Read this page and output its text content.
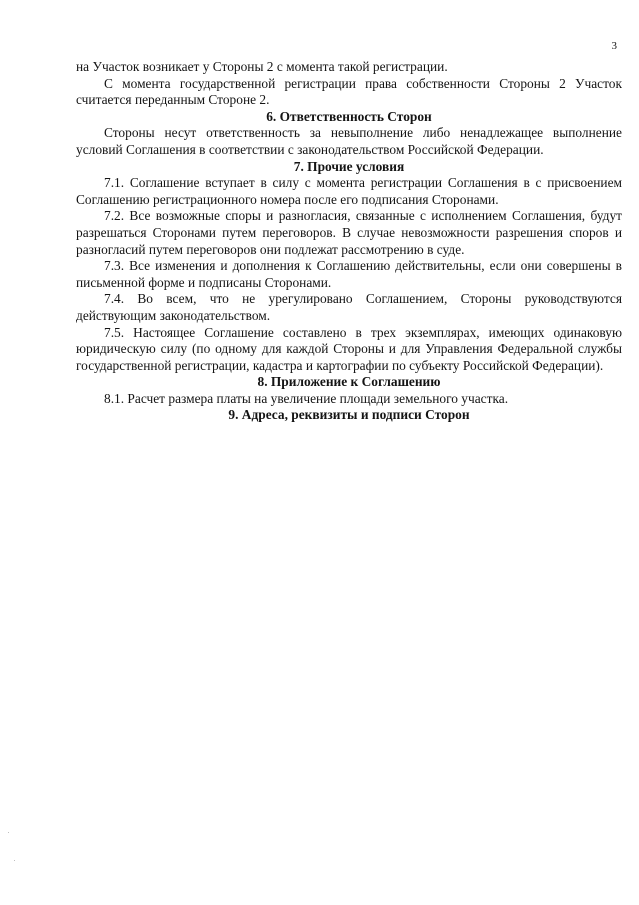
3

на Участок возникает у Стороны 2 с момента такой регистрации.

С момента государственной регистрации права собственности Стороны 2 Участок считается переданным Стороне 2.

6. Ответственность Сторон

Стороны несут ответственность за невыполнение либо ненадлежащее выполнение условий Соглашения в соответствии с законодательством Российской Федерации.

7. Прочие условия

7.1. Соглашение вступает в силу с момента регистрации Соглашения в с присвоением Соглашению регистрационного номера после его подписания Сторонами.

7.2. Все возможные споры и разногласия, связанные с исполнением Соглашения, будут разрешаться Сторонами путем переговоров. В случае невозможности разрешения споров и разногласий путем переговоров они подлежат рассмотрению в суде.

7.3. Все изменения и дополнения к Соглашению действительны, если они совершены в письменной форме и подписаны Сторонами.

7.4. Во всем, что не урегулировано Соглашением, Стороны руководствуются действующим законодательством.

7.5. Настоящее Соглашение составлено в трех экземплярах, имеющих одинаковую юридическую силу (по одному для каждой Стороны и для Управления Федеральной службы государственной регистрации, кадастра и картографии по субъекту Российской Федерации).

8. Приложение к Соглашению

8.1. Расчет размера платы на увеличение площади земельного участка.

9. Адреса, реквизиты и подписи Сторон
